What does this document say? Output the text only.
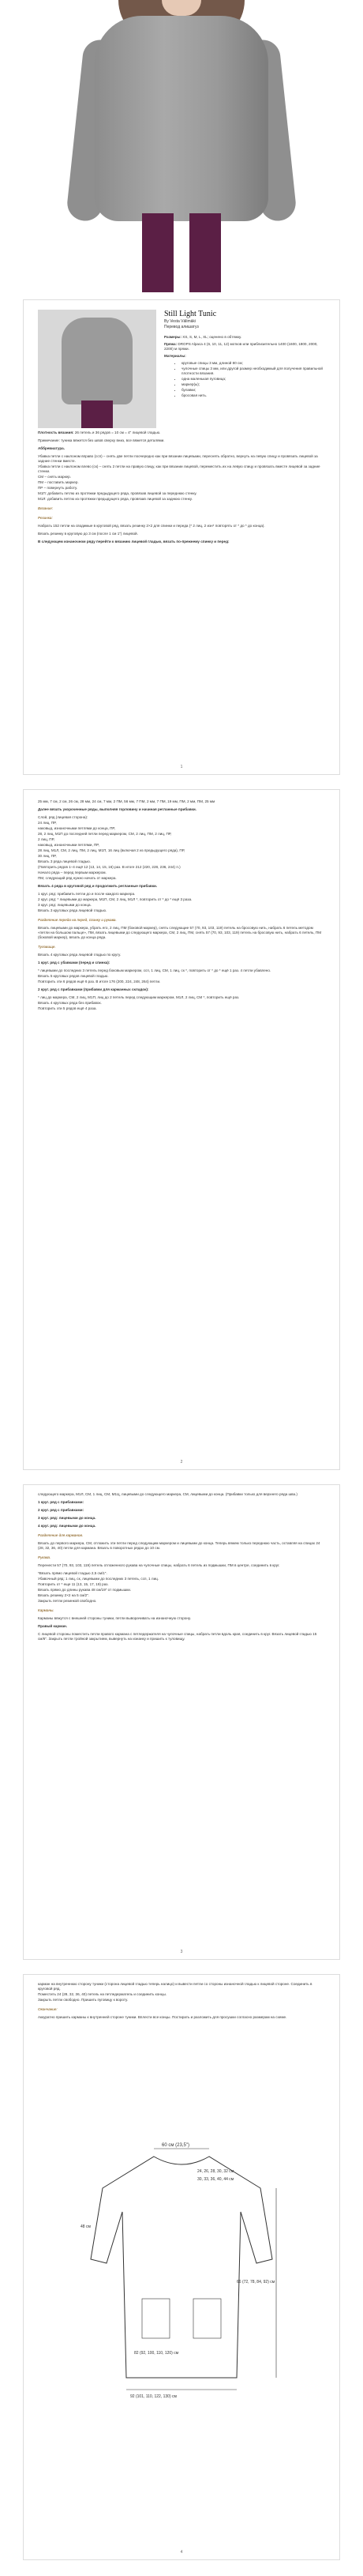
Still Light Tunic
By Vesta Välimäki
Перевод алишатуз
Размеры: XS, S, M, L, XL; оценено в обтяжку.
Пряжа: DROPS Alpaca 4 (6, 10, 11, 12) мотков или приблизительно 1400 (1600, 1800, 2000, 2200) м пряжи.
Материалы:
• круговые спицы 3 мм, длиной 80 см;
• чулочные спицы 3 мм, или другой размер необходимый для получения правильной плотности вязания.
• одна маленькая пуговица;
• маркер(ы);
• булавки;
• бросовая нить.
Плотность вязания: 26 петель и 36 рядов = 10 см = 4" лицевой гладью.
Примечание: туника вяжется без швов сверху вниз, все вяжется деталями.
Аббревиатура.
Убавка петли с наклоном вправо (ссп) – снять две петли поочередно как при вязании лицевыми, переснять обратно, вернуть на левую спицу и провязать лицевой за задние стенки вместе.
Убавка петли с наклоном влево (ск) – снять 2 петли на правую спицу, как при вязании лицевой, переместить их на левую спицу и провязать вместе лицевой за задние стенки.
СМ – снять маркер.
ПМ – поставить маркер.
ПР – повернуть работу.
М1П: добавить петлю из протяжки предыдущего ряда, провязав лицевой за переднюю стенку.
М1Л: добавить петлю из протяжки предыдущего ряда, провязав лицевой за заднюю стенку.
Вязание:
Резинка:
Набрать 152 петли на сводимые в круговой ряд, вязать резинку 2×2 для спинки и переда (* 2 лиц, 2 изн* повторять от * до * до конца).
Вязать резинку в круговую до 3 см (после 1 см 1") лицевой.
В следующем изнаночном ряду перейти к вязанию лицевой гладью, вязать по-прежнему спинку и перед:
1
25 мм, 7 см, 2 см, 26 см, 28 мм, 24 см, 7 мм, 2 ПМ, 56 мм, 7 ПМ, 2 мм, 7 ПМ, 19 мм, ПМ, 2 мм, ПМ, 25 мм
Далее вязать укороченные ряды, выполняя горловину и начиная регланные прибавки.
Слой, ряд (лицевая сторона):
24 лиц, ПР,
наковыд, изнаночными петлями до конца, ПР,
28, 2 лиц, М1П до последней петли перед маркером, СМ, 2 лиц, ПМ, 2 лиц, ПР,
2 лиц, ПР,
наковыд, изнаночными петлями, ПР,
28 лиц, М1Л, СМ, 2 лиц, ПМ, 2 лиц, М1П, 16 лиц (включая 2 из предыдущего ряда), ПР,
30 лиц, ПР,
Вязать 3 ряда лицевой гладью.
(Повторить рядов 1–4 ещё 12 (13, 14, 15, 16) раз. В итоге 212 (220, 228, 236, 244) п.)
Начало ряда – перед первым маркером.
ПМ, следующий ряд нужно начать от маркера.
Вязать 4 ряда в круговой ряд и продолжить регланные прибавки.
1 круг. ряд: прибавить петли до и после каждого маркера.
2 круг. ряд: * лицевыми до маркера, М1П, СМ, 2 лиц, М1Л *, повторить от * до * ещё 3 раза.
3 круг. ряд: лицевыми до конца.
Вязать 3 круговых ряда лицевой гладью.
Разделение переда на перед, спинку и рукава.
Вязать лицевыми до маркера, убрать его, 2 лиц, ПМ (боковой маркер), снять следующие 57 (70, 93, 103, 119) петель на бросовую нить, набрать 6 петель методом «петли на большом пальце», ПМ, вязать лицевыми до следующего маркера, СМ, 2 лиц, ПМ, снять 57 (70, 93, 103, 119) петель на бросовую нить, набрать 6 петель, ПМ (боковой маркер), вязать до конца ряда.
Туловище.
Вязать 4 круговых ряда лицевой гладью по кругу.
1 круг. ряд с убавками (перед и спинка):
* лицевыми до последних 3 петель перед боковым маркером, ссп, 1 лиц, СМ, 1 лиц, ск *, повторить от * до * ещё 1 раз. 4 петли убавлено.
Вязать 5 круговых рядов лицевой гладью.
Повторить эти 6 рядов ещё 6 раз. В итоге 176 (200, 224, 248, 264) петли.
2 круг. ряд с прибавками (прибавки для карманных складок):
* лиц до маркера, СМ, 2 лиц, М1П, лиц до 2 петель перед следующим маркером, М1Л, 2 лиц, СМ *, повторить ещё раз.
Вязать 4 круговых ряда без прибавок.
Повторить эти 5 рядов ещё 4 раза.
2
следующего маркера, М1Л, СМ, 1 лиц, СМ, М1Ц, лицевыми до следующего маркера, СМ, лицевыми до конца. (Прибавки только для верхнего ряда шва.)
1 круг. ряд с прибавками:
2 круг. ряд с прибавками:
3 круг. ряд: лицевыми до конца.
4 круг. ряд: лицевыми до конца.
Разделение для карманов.
Вязать до первого маркера, СМ, отложить эти петли перед следующим маркером и лицевыми до конца. Теперь вяжем только переднюю часть, оставляя на спицах 24 (28, 32, 36, 40) петли для кармана. Вязать в поворотных рядах до 10 см.
Рукава.
Перенести 57 (70, 93, 103, 119) петель отложенного рукава на чулочные спицы, набрать 6 петель из подмышки, ПМ в центре, соединить в круг.
*Вязать прямо лицевой гладью 2,5 см/1".
Убавочный ряд: 1 лиц, ск, лицевыми до последних 3 петель, ссп, 1 лиц.
Повторить от * еще 11 (13, 15, 17, 19) раз.
Вязать прямо до длины рукава 48 см/19" от подмышки.
Вязать резинку 2×2 на 5 см/2".
Закрыть петли резинкой свободно.
Карманы.
Карманы вяжутся с внешней стороны туники, петли выворачивать на изнаночную сторону.
Правый карман.
С лицевой стороны поместить петли правого кармана с петледержателя на чулочные спицы, набрать петли вдоль края, соединить в круг. Вязать лицевой гладью 15 см/6". Закрыть петли тройной закрытием, вывернуть на изнанку и пришить к туловищу.
3
карман на внутреннюю сторону туники (сторона лицевой гладью теперь налицо) и вывести петли со стороны изнаночной гладью к лицевой стороне. Соединить в круговой ряд.
Поместить 24 (28, 32, 36, 40) петель на петледержатель и соединить концы.
Закрыть петли свободно. Пришить пуговицу к вороту.
Окончание:
Аккуратно пришить карманы к внутренней стороне туники. Вплести все концы. Постирать и разложить для просушки согласно размерам на схеме.
60 см (23,5")
24, 26, 28, 30, 32 см
30, 33, 36, 40, 44 см
48 см
66 (72, 78, 84, 92) см
92 (101, 110, 122, 130) см
82 (92, 100, 110, 120) см
4
